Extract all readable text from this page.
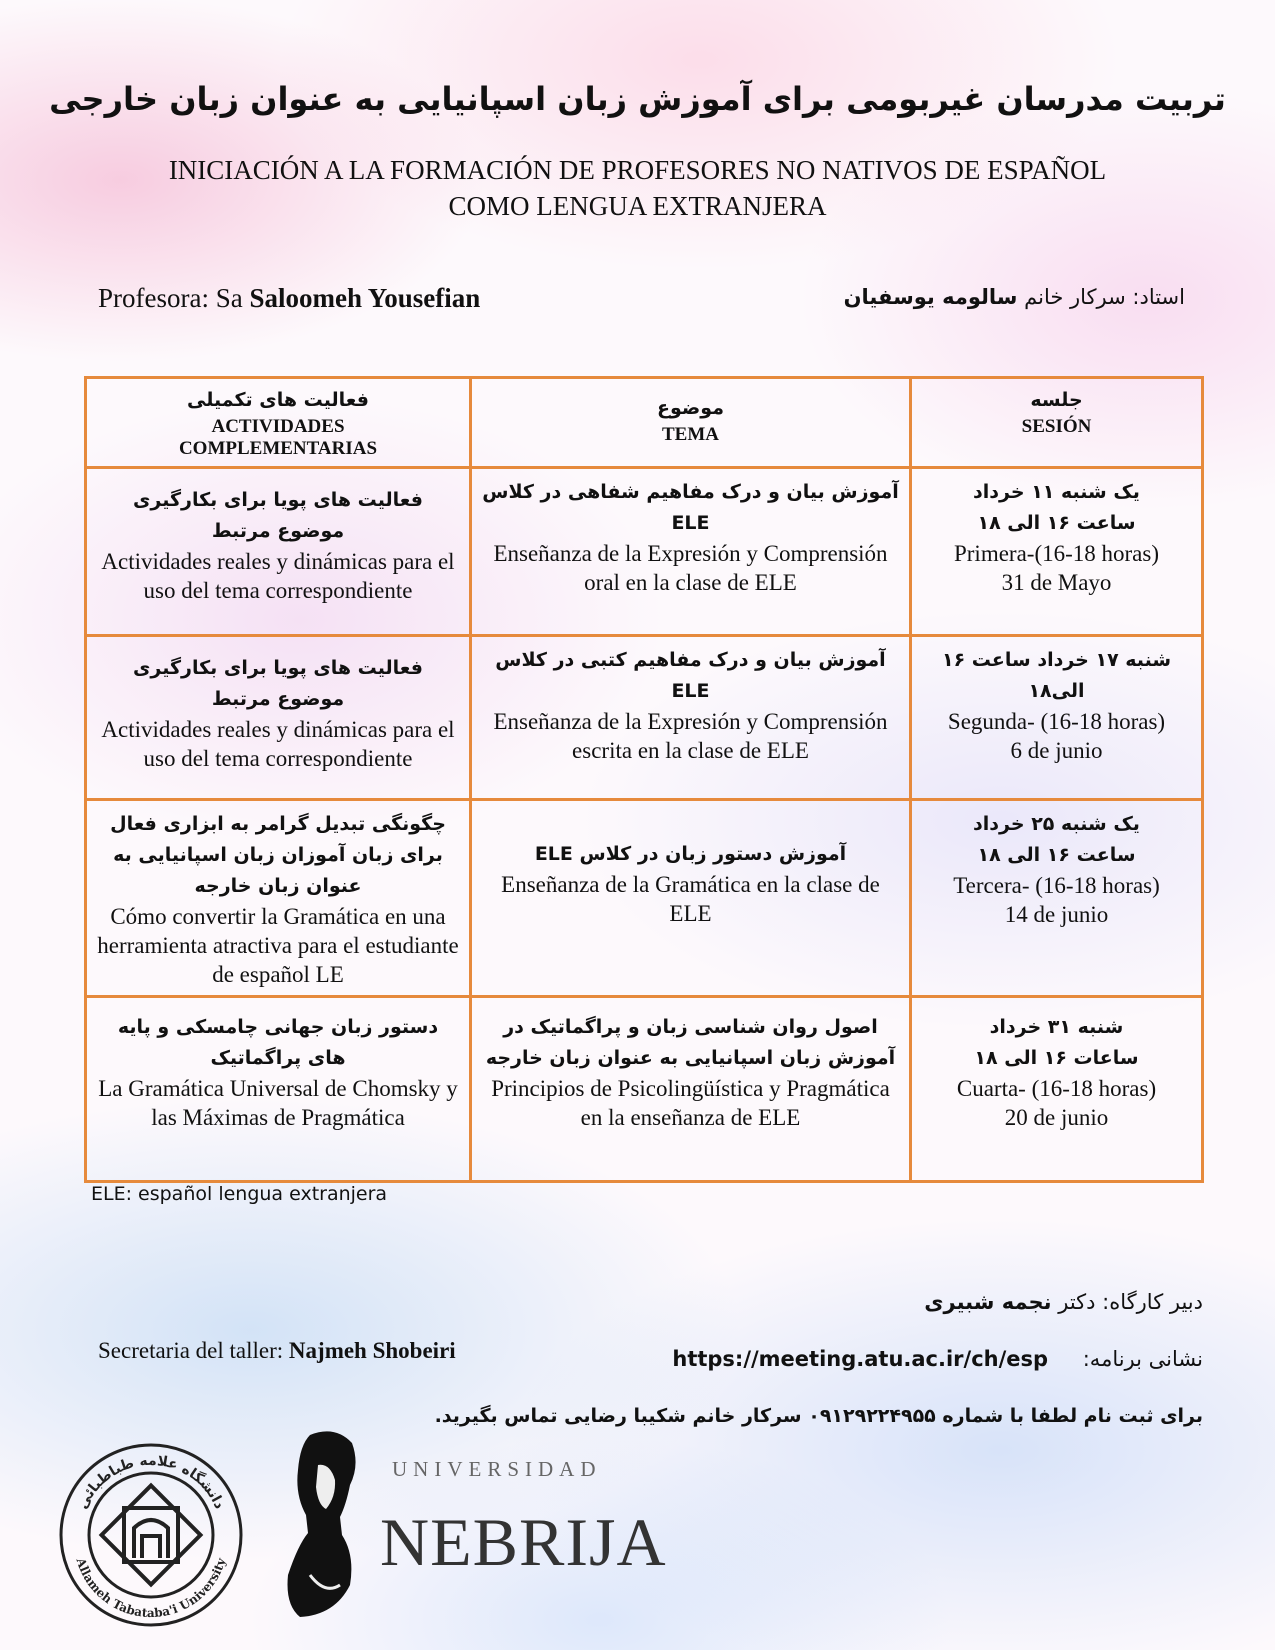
تربیت مدرسان غیربومی برای آموزش زبان اسپانیایی به عنوان زبان خارجی
INICIACIÓN A LA FORMACIÓN DE PROFESORES NO NATIVOS DE ESPAÑOL
COMO LENGUA EXTRANJERA
Profesora: Sa Saloomeh Yousefian	استاد: سرکار خانم سالومه یوسفیان
فعالیت های تکمیلی
ACTIVIDADES
COMPLEMENTARIAS	موضوع
TEMA	جلسه
SESIÓN

فعالیت های پویا برای بکارگیری موضوع مرتبط
Actividades reales y dinámicas para el uso del tema correspondiente	آموزش بیان و درک مفاهیم شفاهی در کلاس
ELE
Enseñanza de la Expresión y Comprensión oral en la clase de ELE	یک شنبه ۱۱ خرداد
ساعت ۱۶ الی ۱۸
Primera-(16-18 horas)
31 de Mayo

فعالیت های پویا برای بکارگیری موضوع مرتبط
Actividades reales y dinámicas para el uso del tema correspondiente	آموزش بیان و درک مفاهیم کتبی در کلاس
ELE
Enseñanza de la Expresión y Comprensión escrita en la clase de ELE	شنبه ۱۷ خرداد ساعت ۱۶
الی۱۸
Segunda- (16-18 horas)
6 de junio

چگونگی تبدیل گرامر به ابزاری فعال برای زبان آموزان زبان اسپانیایی به عنوان زبان خارجه
Cómo convertir la Gramática en una herramienta atractiva para el estudiante de español LE	آموزش دستور زبان در کلاس ELE
Enseñanza de la Gramática en la clase de ELE	یک شنبه ۲۵ خرداد
ساعت ۱۶ الی ۱۸
Tercera- (16-18 horas)
14 de junio

دستور زبان جهانی چامسکی و پایه های پراگماتیک
La Gramática Universal de Chomsky y las Máximas de Pragmática	اصول روان شناسی زبان و پراگماتیک در آموزش زبان اسپانیایی به عنوان زبان خارجه
Principios de Psicolingüística y Pragmática en la enseñanza de ELE	شنبه ۳۱ خرداد
ساعات ۱۶ الی ۱۸
Cuarta- (16-18 horas)
20 de junio
ELE: español lengua extranjera
دبیر کارگاه: دکتر نجمه شبیری
Secretaria del taller: Najmeh Shobeiri	نشانی برنامه: https://meeting.atu.ac.ir/ch/esp
برای ثبت نام لطفا با شماره ۰۹۱۲۹۲۲۴۹۵۵ سرکار خانم شکیبا رضایی تماس بگیرید.
دانشگاه علامه طباطبائی
Allameh Tabataba'i University
UNIVERSIDAD
NEBRIJA
